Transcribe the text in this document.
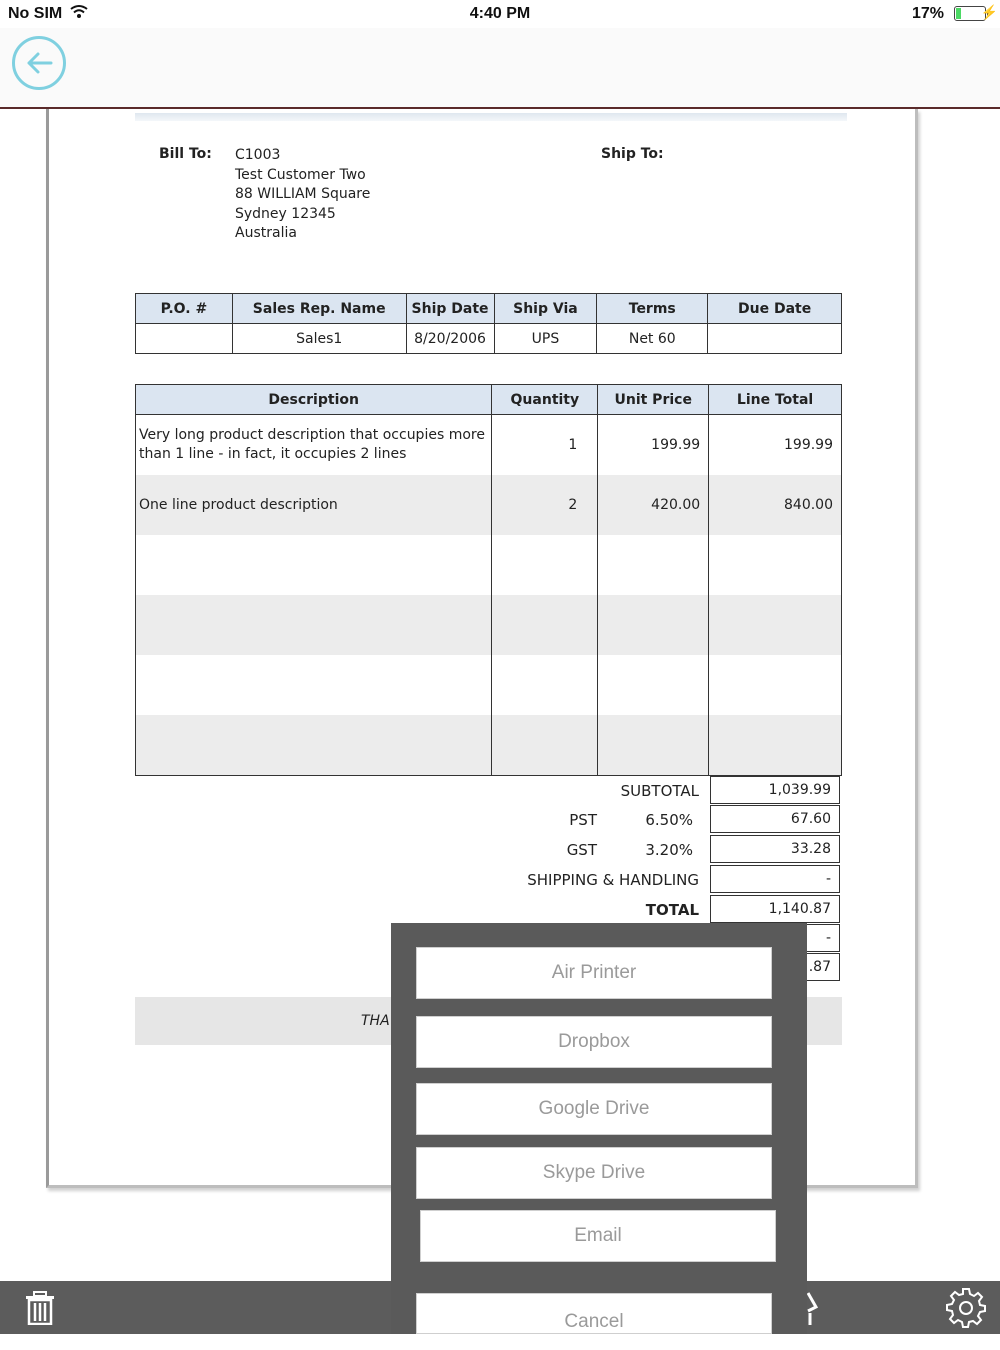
No SIM	4:40 PM	17%	⚡
Bill To: C1003
Test Customer Two
88 WILLIAM Square
Sydney 12345
Australia
Ship To:
P.O. #	Sales Rep. Name	Ship Date	Ship Via	Terms	Due Date
	Sales1	8/20/2006	UPS	Net 60	
Description	Quantity	Unit Price	Line Total
Very long product description that occupies more than 1 line - in fact, it occupies 2 lines	1	199.99	199.99
One line product description	2	420.00	840.00

SUBTOTAL	1,039.99
PST	6.50%	67.60
GST	3.20%	33.28
SHIPPING & HANDLING	-
TOTAL	1,140.87
-
.87
THA
Air Printer
Dropbox
Google Drive
Skype Drive
Email
Cancel
